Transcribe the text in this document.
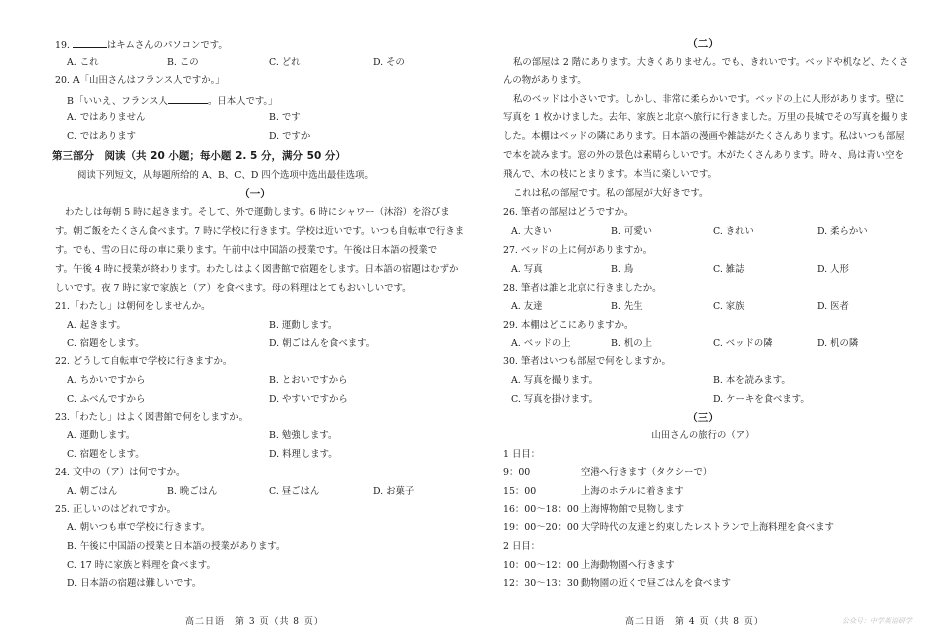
19.	はキムさんのパソコンです。
A. これ	B. この	C. どれ	D. その
20. A「山田さんはフランス人ですか。」
B「いいえ、フランス人	。日本人です。」
A. ではありません	B. です
C. ではあります	D. ですか
第三部分　阅读（共 20 小题；每小题 2. 5 分，满分 50 分）
阅读下列短文，从每题所给的 A、B、C、D 四个选项中选出最佳选项。
（一）
わたしは毎朝 5 時に起きます。そして、外で運動します。6 時にシャワー（沐浴）を浴びま
す。朝ご飯をたくさん食べます。7 時に学校に行きます。学校は近いです。いつも自転車で行きま
す。でも、雪の日に母の車に乗ります。午前中は中国語の授業です。午後は日本語の授業で
す。午後 4 時に授業が終わります。わたしはよく図書館で宿題をします。日本語の宿題はむずか
しいです。夜 7 時に家で家族と（ア）を食べます。母の料理はとてもおいしいです。
21.「わたし」は朝何をしませんか。
A. 起きます。	B. 運動します。
C. 宿題をします。	D. 朝ごはんを食べます。
22. どうして自転車で学校に行きますか。
A. ちかいですから	B. とおいですから
C. ふべんですから	D. やすいですから
23.「わたし」はよく図書館で何をしますか。
A. 運動します。	B. 勉強します。
C. 宿題をします。	D. 料理します。
24. 文中の（ア）は何ですか。
A. 朝ごはん	B. 晩ごはん	C. 昼ごはん	D. お菓子
25. 正しいのはどれですか。
A. 朝いつも車で学校に行きます。
B. 午後に中国語の授業と日本語の授業があります。
C. 17 時に家族と料理を食べます。
D. 日本語の宿題は難しいです。
高二日语　第 3 页（共 8 页）
（二）
私の部屋は 2 階にあります。大きくありません。でも、きれいです。ベッドや机など、たくさ
んの物があります。
私のベッドは小さいです。しかし、非常に柔らかいです。ベッドの上に人形があります。壁に
写真を 1 枚かけました。去年、家族と北京へ旅行に行きました。万里の長城でその写真を撮りま
した。本棚はベッドの隣にあります。日本語の漫画や雑誌がたくさんあります。私はいつも部屋
で本を読みます。窓の外の景色は素晴らしいです。木がたくさんあります。時々、鳥は青い空を
飛んで、木の枝にとまります。本当に楽しいです。
これは私の部屋です。私の部屋が大好きです。
26. 筆者の部屋はどうですか。
A. 大きい	B. 可愛い	C. きれい	D. 柔らかい
27. ベッドの上に何がありますか。
A. 写真	B. 鳥	C. 雑誌	D. 人形
28. 筆者は誰と北京に行きましたか。
A. 友達	B. 先生	C. 家族	D. 医者
29. 本棚はどこにありますか。
A. ベッドの上	B. 机の上	C. ベッドの隣	D. 机の隣
30. 筆者はいつも部屋で何をしますか。
A. 写真を撮ります。	B. 本を読みます。
C. 写真を掛けます。	D. ケーキを食べます。
（三）
山田さんの旅行の（ア）
1 日目：
9：00	空港へ行きます（タクシーで）
15：00	上海のホテルに着きます
16：00～18：00 上海博物館で見物します
19：00～20：00 大学時代の友達と約束したレストランで上海料理を食べます
2 日目：
10：00～12：00 上海動物園へ行きます
12：30～13：30 動物園の近くで昼ごはんを食べます
高二日语　第 4 页（共 8 页）	公众号：中学英语研学
